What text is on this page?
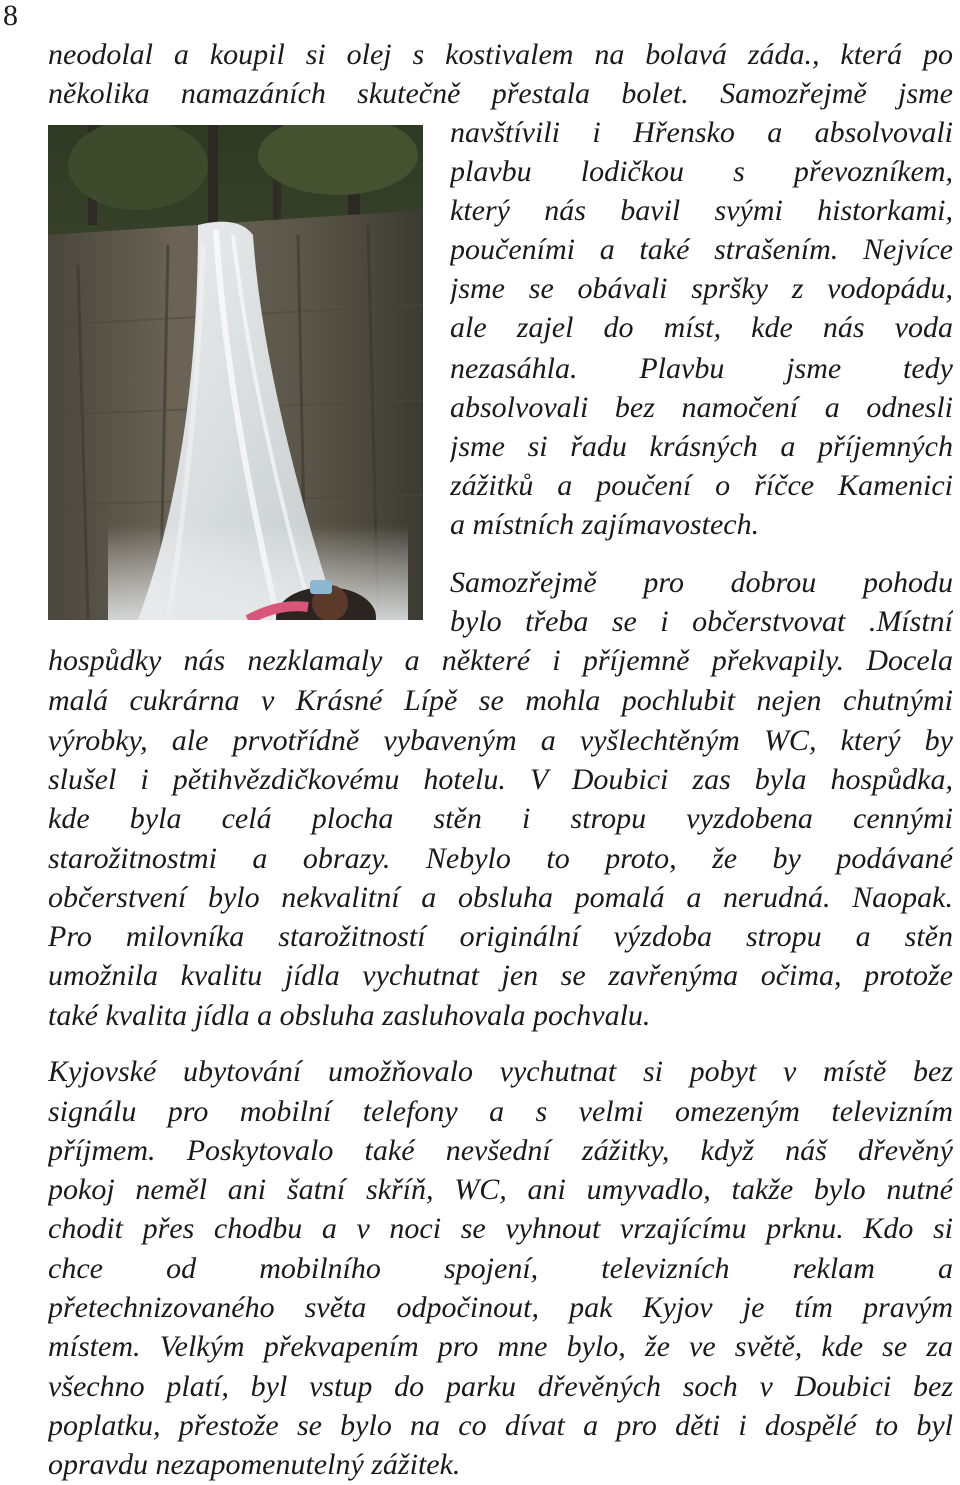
8
neodolal a koupil si olej s kostivalem na bolavá záda., která po
několika namazáních skutečně přestala bolet. Samozřejmě jsme
navštívili i Hřensko a absolvovali
plavbu lodičkou s převozníkem,
který nás bavil svými historkami,
poučeními a také strašením. Nejvíce
jsme se obávali spršky z vodopádu,
ale zajel do míst, kde nás voda
nezasáhla. Plavbu jsme tedy
absolvovali bez namočení a odnesli
jsme si řadu krásných a příjemných
zážitků a poučení o říčce Kamenici
a místních zajímavostech.
Samozřejmě pro dobrou pohodu
bylo třeba se i občerstvovat .Místní
hospůdky nás nezklamaly a některé i příjemně překvapily. Docela
malá cukrárna v Krásné Lípě se mohla pochlubit nejen chutnými
výrobky, ale prvotřídně vybaveným a vyšlechtěným WC, který by
slušel i pětihvězdičkovému hotelu. V Doubici zas byla hospůdka,
kde byla celá plocha stěn i stropu vyzdobena cennými
starožitnostmi a obrazy. Nebylo to proto, že by podávané
občerstvení bylo nekvalitní a obsluha pomalá a nerudná. Naopak.
Pro milovníka starožitností originální výzdoba stropu a stěn
umožnila kvalitu jídla vychutnat jen se zavřenýma očima, protože
také kvalita jídla a obsluha zasluhovala pochvalu.
Kyjovské ubytování umožňovalo vychutnat si pobyt v místě bez
signálu pro mobilní telefony a s velmi omezeným televizním
příjmem. Poskytovalo také nevšední zážitky, když náš dřevěný
pokoj neměl ani šatní skříň, WC, ani umyvadlo, takže bylo nutné
chodit přes chodbu a v noci se vyhnout vrzajícímu prknu. Kdo si
chce od mobilního spojení, televizních reklam a
přetechnizovaného světa odpočinout, pak Kyjov je tím pravým
místem. Velkým překvapením pro mne bylo, že ve světě, kde se za
všechno platí, byl vstup do parku dřevěných soch v Doubici bez
poplatku, přestože se bylo na co dívat a pro děti i dospělé to byl
opravdu nezapomenutelný zážitek.
